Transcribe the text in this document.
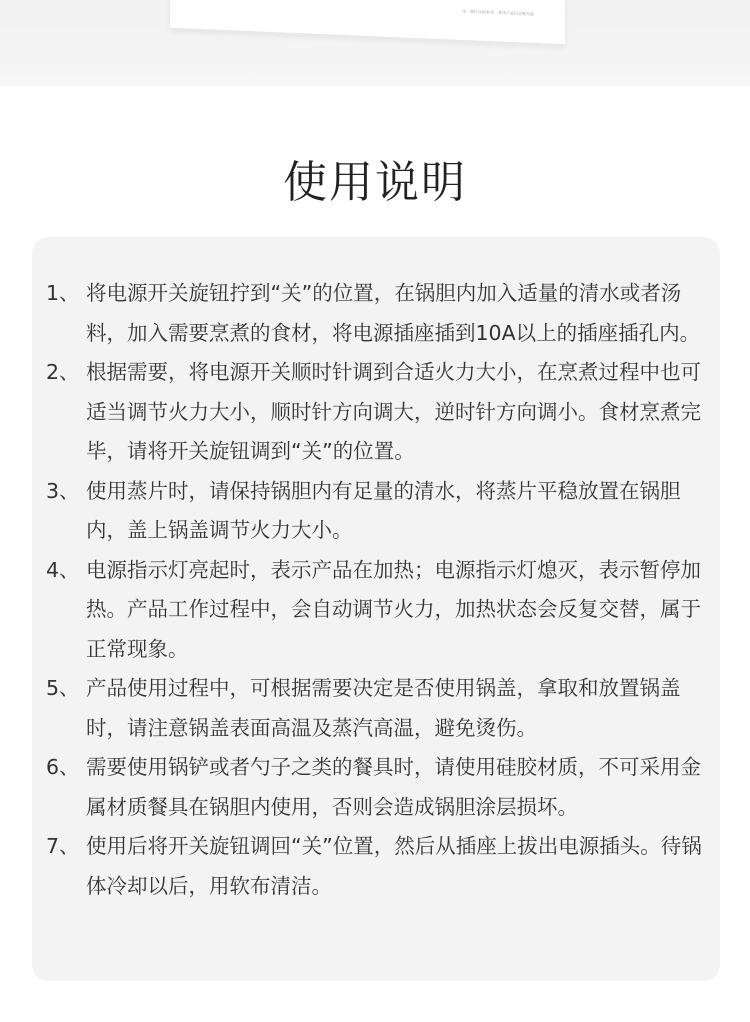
注：图片仅供参考，具体产品以实物为准
使用说明
1、 将电源开关旋钮拧到“关”的位置，在锅胆内加入适量的清水或者汤料，加入需要烹煮的食材，将电源插座插到10A以上的插座插孔内。
2、 根据需要，将电源开关顺时针调到合适火力大小，在烹煮过程中也可适当调节火力大小，顺时针方向调大，逆时针方向调小。食材烹煮完毕，请将开关旋钮调到“关”的位置。
3、 使用蒸片时，请保持锅胆内有足量的清水，将蒸片平稳放置在锅胆内，盖上锅盖调节火力大小。
4、 电源指示灯亮起时，表示产品在加热；电源指示灯熄灭，表示暂停加热。产品工作过程中，会自动调节火力，加热状态会反复交替，属于正常现象。
5、 产品使用过程中，可根据需要决定是否使用锅盖，拿取和放置锅盖时，请注意锅盖表面高温及蒸汽高温，避免烫伤。
6、 需要使用锅铲或者勺子之类的餐具时，请使用硅胶材质，不可采用金属材质餐具在锅胆内使用，否则会造成锅胆涂层损坏。
7、 使用后将开关旋钮调回“关”位置，然后从插座上拔出电源插头。待锅体冷却以后，用软布清洁。
